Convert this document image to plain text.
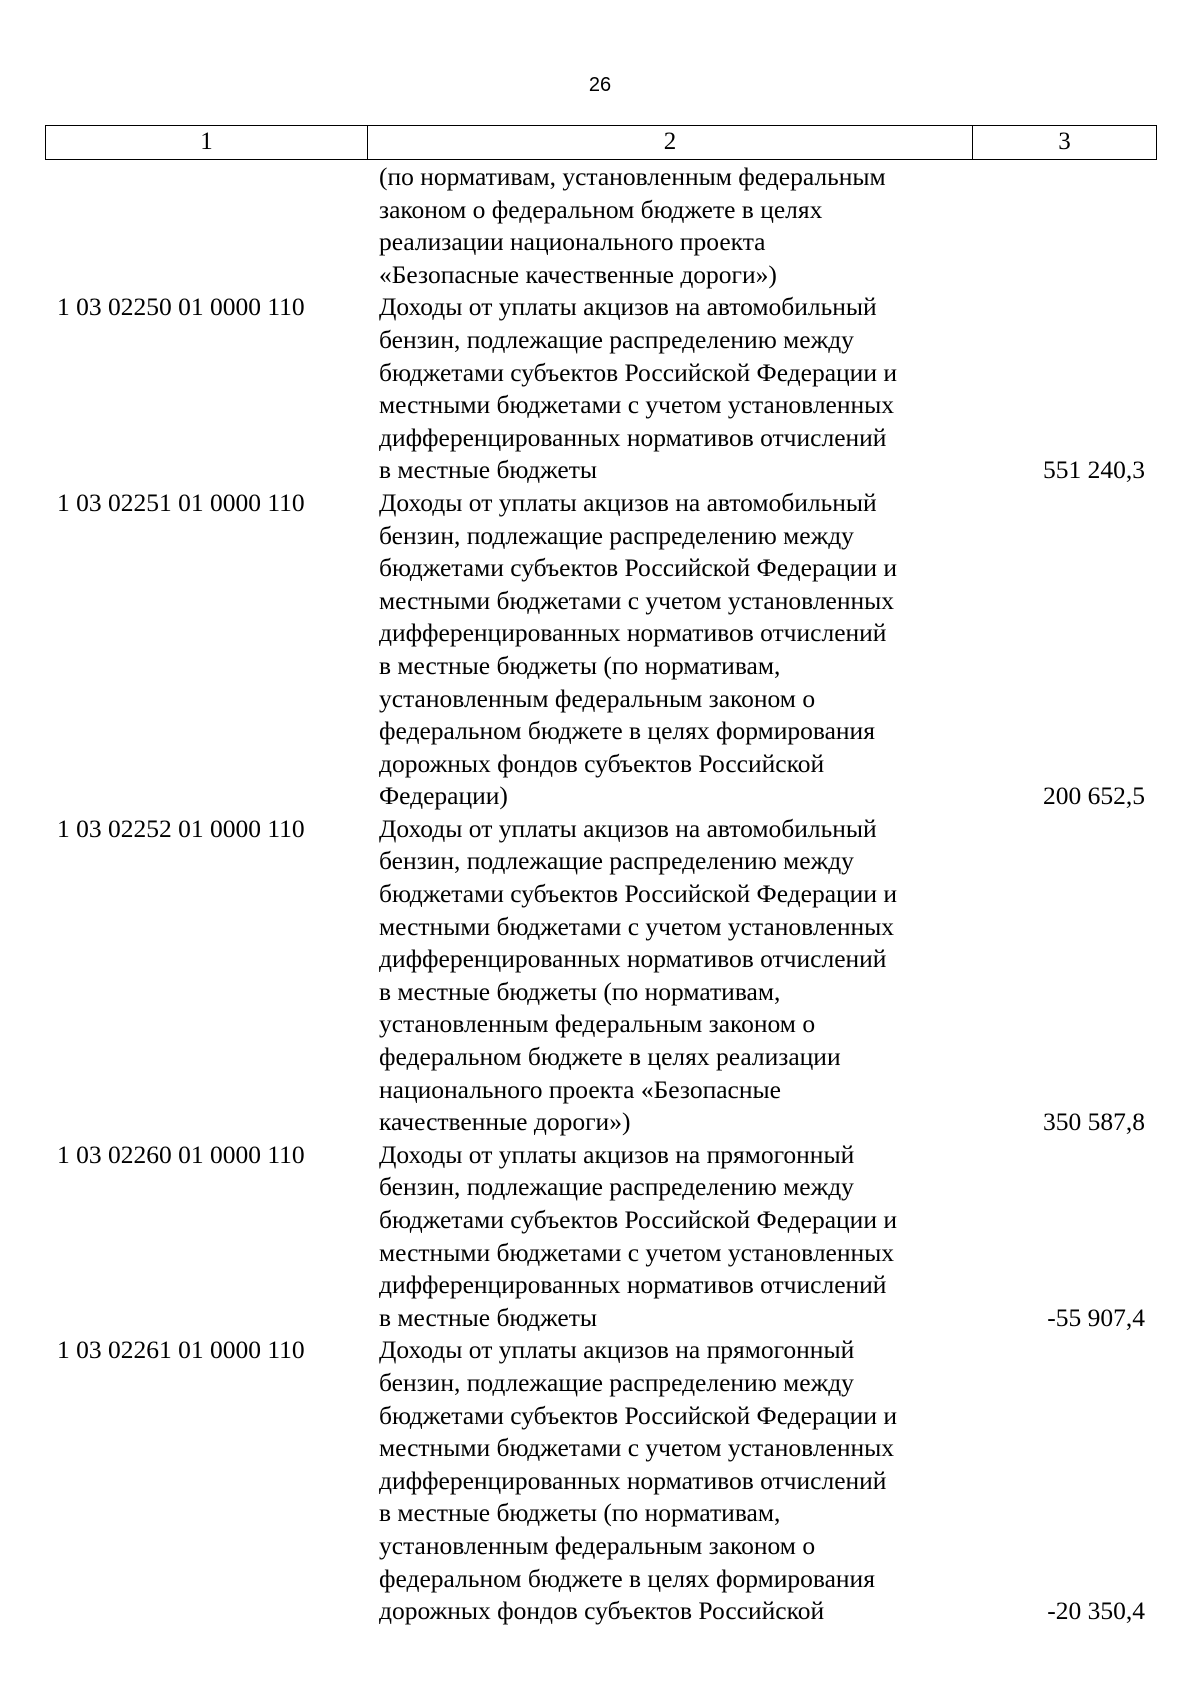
26
1	2	3
(по нормативам, установленным федеральным
законом о федеральном бюджете в целях
реализации национального проекта
«Безопасные качественные дороги»)
1 03 02250 01 0000 110	Доходы от уплаты акцизов на автомобильный
бензин, подлежащие распределению между
бюджетами субъектов Российской Федерации и
местными бюджетами с учетом установленных
дифференцированных нормативов отчислений
в местные бюджеты	551 240,3
1 03 02251 01 0000 110	Доходы от уплаты акцизов на автомобильный
бензин, подлежащие распределению между
бюджетами субъектов Российской Федерации и
местными бюджетами с учетом установленных
дифференцированных нормативов отчислений
в местные бюджеты (по нормативам,
установленным федеральным законом о
федеральном бюджете в целях формирования
дорожных фондов субъектов Российской
Федерации)	200 652,5
1 03 02252 01 0000 110	Доходы от уплаты акцизов на автомобильный
бензин, подлежащие распределению между
бюджетами субъектов Российской Федерации и
местными бюджетами с учетом установленных
дифференцированных нормативов отчислений
в местные бюджеты (по нормативам,
установленным федеральным законом о
федеральном бюджете в целях реализации
национального проекта «Безопасные
качественные дороги»)	350 587,8
1 03 02260 01 0000 110	Доходы от уплаты акцизов на прямогонный
бензин, подлежащие распределению между
бюджетами субъектов Российской Федерации и
местными бюджетами с учетом установленных
дифференцированных нормативов отчислений
в местные бюджеты	-55 907,4
1 03 02261 01 0000 110	Доходы от уплаты акцизов на прямогонный
бензин, подлежащие распределению между
бюджетами субъектов Российской Федерации и
местными бюджетами с учетом установленных
дифференцированных нормативов отчислений
в местные бюджеты (по нормативам,
установленным федеральным законом о
федеральном бюджете в целях формирования
дорожных фондов субъектов Российской	-20 350,4
